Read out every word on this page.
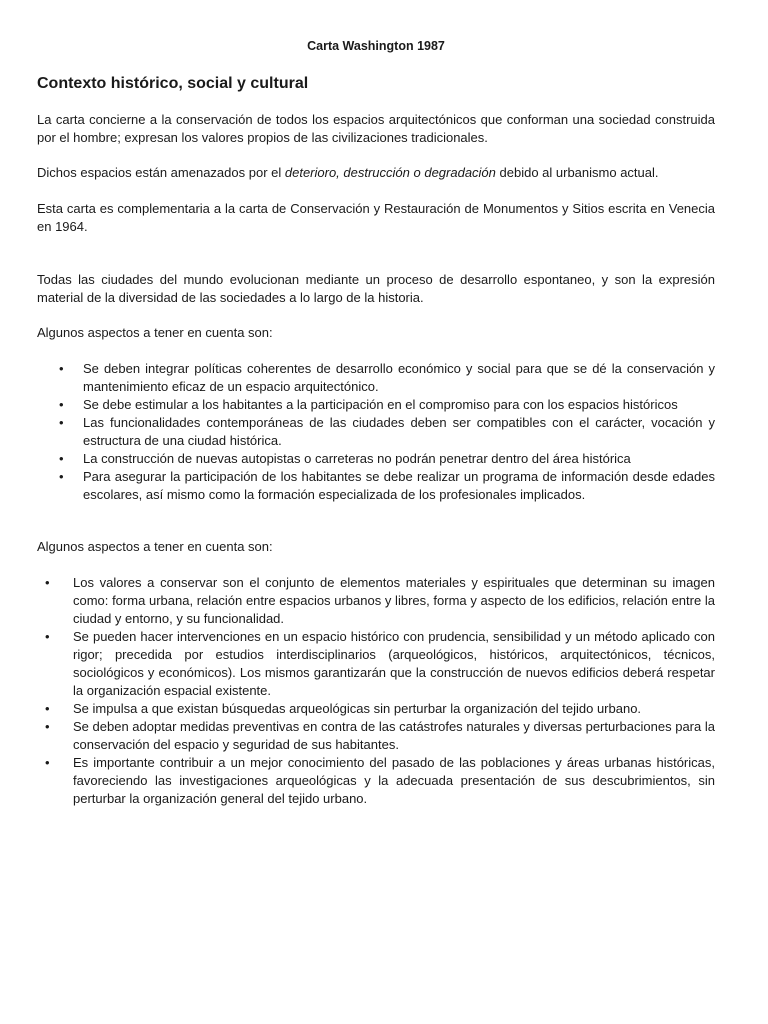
Carta Washington 1987
Contexto histórico, social y cultural

La carta concierne a la conservación de todos los espacios arquitectónicos que conforman una sociedad construida por el hombre; expresan los valores propios de las civilizaciones tradicionales.

Dichos espacios están amenazados por el deterioro, destrucción o degradación debido al urbanismo actual.

Esta carta es complementaria a la carta de Conservación y Restauración de Monumentos y Sitios escrita en Venecia en 1964.

Todas las ciudades del mundo evolucionan mediante un proceso de desarrollo espontaneo, y son la expresión material de la diversidad de las sociedades a lo largo de la historia.

Algunos aspectos a tener en cuenta son:

• Se deben integrar políticas coherentes de desarrollo económico y social para que se dé la conservación y mantenimiento eficaz de un espacio arquitectónico.
• Se debe estimular a los habitantes a la participación en el compromiso para con los espacios históricos
• Las funcionalidades contemporáneas de las ciudades deben ser compatibles con el carácter, vocación y estructura de una ciudad histórica.
• La construcción de nuevas autopistas o carreteras no podrán penetrar dentro del área histórica
• Para asegurar la participación de los habitantes se debe realizar un programa de información desde edades escolares, así mismo como la formación especializada de los profesionales implicados.

Algunos aspectos a tener en cuenta son:

• Los valores a conservar son el conjunto de elementos materiales y espirituales que determinan su imagen como: forma urbana, relación entre espacios urbanos y libres, forma y aspecto de los edificios, relación entre la ciudad y entorno, y su funcionalidad.
• Se pueden hacer intervenciones en un espacio histórico con prudencia, sensibilidad y un método aplicado con rigor; precedida por estudios interdisciplinarios (arqueológicos, históricos, arquitectónicos, técnicos, sociológicos y económicos). Los mismos garantizarán que la construcción de nuevos edificios deberá respetar la organización espacial existente.
• Se impulsa a que existan búsquedas arqueológicas sin perturbar la organización del tejido urbano.
• Se deben adoptar medidas preventivas en contra de las catástrofes naturales y diversas perturbaciones para la conservación del espacio y seguridad de sus habitantes.
• Es importante contribuir a un mejor conocimiento del pasado de las poblaciones y áreas urbanas históricas, favoreciendo las investigaciones arqueológicas y la adecuada presentación de sus descubrimientos, sin perturbar la organización general del tejido urbano.
